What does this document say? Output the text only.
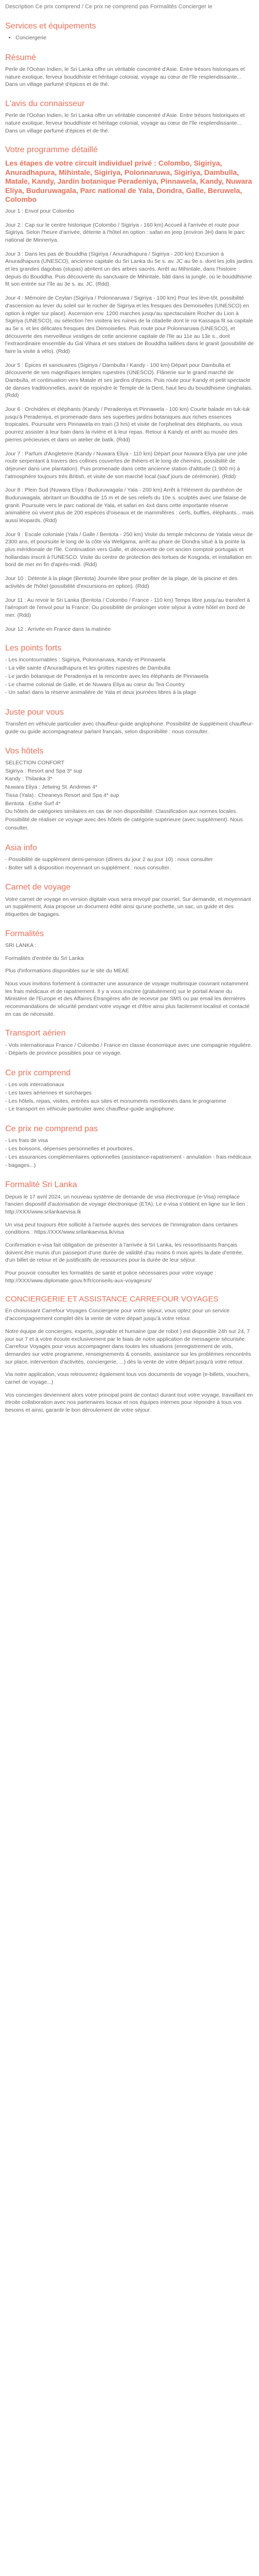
Description Ce prix comprend / Ce prix ne comprend pas Formalités Concierger ie

Services et équipements
• Conciergerie
Résumé

Perle de l'Océan Indien, le Sri Lanka offre un véritable concentré d'Asie. Entre trésors historiques et nature exotique, ferveur bouddhiste et héritage colonial, voyage au cœur de l'île resplendissante... Dans un village parfumé d'épices et de thé.

L'avis du connaisseur

Perle de l'Océan Indien, le Sri Lanka offre un véritable concentré d'Asie. Entre trésors historiques et nature exotique, ferveur bouddhiste et héritage colonial, voyage au cœur de l'île resplendissante... Dans un village parfumé d'épices et de thé.

Votre programme détaillé
Les étapes de votre circuit individuel privé : Colombo, Sigiriya, Anuradhapura, Mihintale, Sigiriya, Polonnaruwa, Sigiriya, Dambulla, Matale, Kandy, Jardin botanique Peradeniya, Pinnawela, Kandy, Nuwara Eliya, Buduruwagala, Parc national de Yala, Dondra, Galle, Beruwela, Colombo

Jour 1 : Envol pour Colombo

Jour 2 : Cap sur le centre historique (Colombo / Sigiriya - 160 km) Accueil à l'arrivée et route pour Sigiriya. Selon l'heure d'arrivée, détente à l'hôtel en option : safari en jeep (environ 3H) dans le parc national de Minneriya.

Jour 3 : Dans les pas de Bouddha (Sigiriya / Anuradhapura / Sigiriya - 200 km) Excursion à Anuradhapura (UNESCO), ancienne capitale du Sri Lanka du 5e s. av. JC au 9e s. dont les jolis jardins et les grandes dagobas (stupas) abritent un des arbres sacrés. Arrêt au Mihintale, dans l'histoire depuis du Bouddha. Puis découverte du sanctuaire de Mihintale, bâti dans la jungle, où le bouddhisme fit son entrée sur l'île au 3e s. av. JC. (Rdd)

Jour 4 : Mémoire de Ceylan (Sigiriya / Polonnaruwa / Sigiriya - 100 km) Pour les lève-tôt, possibilité d'ascension au lever du soleil sur le rocher de Sigiriya et les fresques des Demoiselles (UNESCO) en option à régler sur place). Ascension env. 1200 marches jusqu'au spectaculaire Rocher du Lion à Sigiriya (UNESCO), ou sélection l'en visitera les ruines de la citadelle dont le roi Kassapa fit sa capitale au 5e s. et les délicates fresques des Demoiselles. Puis route pour Polonnaruwa (UNESCO), et découverte des merveilleux vestiges de cette ancienne capitale de l'île au 11e au 13e s., dont l'extraordinaire ensemble du Gal Vihara et ses statues de Bouddha taillées dans le granit (possibilité de faire la visite à vélo). (Rdd)

Jour 5 : Épices et sanctuaires (Sigiriya / Dambulla / Kandy - 100 km) Départ pour Dambulla et découverte de ses magnifiques temples rupestres (UNESCO). Flânerie sur le grand marché de Dambulla, et continuation vers Matale et ses jardins d'épices. Puis route pour Kandy et petit spectacle de danses traditionnelles, avant de rejoindre le Temple de la Dent, haut lieu du bouddhisme cinghalais. (Rdd)

Jour 6 : Orchidées et éléphants (Kandy / Peradeniya et Pinnawela - 100 km) Courte balade en tuk-tuk jusqu'à Peradeniya, et promenade dans ses superbes jardins botaniques aux riches essences tropicales. Poursuite vers Pinnawela en train (3 hrs) et visite de l'orphelinat des éléphants, ou vous pourrez assister à leur bain dans la rivière et à leur repas. Retour à Kandy et arrêt au musée des pierres précieuses et dans un atelier de batik. (Rdd)

Jour 7 : Parfum d'Angleterre (Kandy / Nuwara Eliya - 110 km) Départ pour Nuwara Eliya par une jolie route serpentant à travers des collines couvertes de théiers et le long de chemins, possibilité de déjeuner dans une plantation). Puis promenade dans cette ancienne station d'altitude (1 900 m) à l'atmosphère toujours très British, et visite de son marché local (sauf jours de cérémonie). (Rdd)

Jour 8 : Plein Sud (Nuwara Eliya / Buduruwagala / Yala - 200 km) Arrêt à l'élément du panthéon de Buduruwagala, abritant un Bouddha de 15 m et de ses reliefs du 10e s. sculptés avec une falaise de granit. Poursuite vers le parc national de Yala, et safari en 4x4 dans cette importante réserve animalière où vivent plus de 200 espèces d'oiseaux et de mammifères : cerfs, buffles, éléphants... mais aussi léopards. (Rdd)

Jour 9 : Escale coloniale (Yala / Galle / Bentota - 250 km) Visite du temple méconnu de Yatala vieux de 2300 ans, et poursuite le long de la côte via Weligama, arrêt au phare de Dondra situé à la pointe la plus méridionale de l'île. Continuation vers Galle, et découverte de cet ancien comptoir portugais et hollandais inscrit à l'UNESCO. Visite du centre de protection des tortues de Kosgoda, et installation en bord de mer en fin d'après-midi. (Rdd)

Jour 10 : Détente à la plage (Bentota) Journée libre pour profiter de la plage, de la piscine et des activités de l'hôtel (possibilité d'excursions en option). (Rdd)

Jour 11 : Au revoir le Sri Lanka (Bentota / Colombo / France - 110 km) Temps libre jusqu'au transfert à l'aéroport de l'envol pour la France. Ou possibilité de prolonger votre séjour à votre hôtel en bord de mer. (Rdd)

Jour 12 : Arrivée en France dans la matinée

Les points forts

- Les incontournables : Sigiriya, Polonnaruwa, Kandy et Pinnawela

- La ville sainte d'Anuradhapura et les grottes rupestres de Dambulla

- Le jardin botanique de Peradeniya et la rencontre avec les éléphants de Pinnawela

- Le charme colonial de Galle, et de Nuwara Eliya au cœur du Tea Country

- Un safari dans la réserve animalière de Yala et deux journées libres à la plage

Juste pour vous

Transfert en véhicule particulier avec chauffeur-guide anglophone. Possibilité de supplément chauffeur-guide ou guide accompagnateur parlant français, selon disponibilité : nous consulter.

Vos hôtels

SELECTION CONFORT

Sigiriya : Resort and Spa 3* sup

Kandy : Thilanka 3*

Nuwara Eliya : Jetwing St. Andrews 4*

Tissa (Yala) : Cheaneys Resort and Spa 4* sup

Bentota : Esthe Surf 4*

Ou hôtels de catégories similaires en cas de non disponibilité. Classification aux normes locales.

Possibilité de réaliser ce voyage avec des hôtels de catégorie supérieure (avec supplément). Nous consulter.

Asia info

- Possibilité de supplément demi-pension (dîners du jour 2 au jour 10) : nous consulter

- Bolter wifi à disposition moyennant un supplément : nous consulter.

Carnet de voyage

Votre carnet de voyage en version digitale vous sera envoyé par courriel. Sur demande, et moyennant un supplément, Asia propose un document édité ainsi qu'une pochette, un sac, un guide et des étiquettes de bagages.

Formalités

SRI LANKA :

Formalités d'entrée du Sri Lanka

Plus d'informations disponibles sur le site du MEAE

Nous vous invitons fortement à contracter une assurance de voyage multirisque couvrant notamment les frais médicaux et de rapatriement. Il y a vous inscrire (gratuitement) sur le portail Ariane du Ministère de l'Europe et des Affaires Étrangères afin de recevoir par SMS ou par email les dernières recommandations de sécurité pendant votre voyage et d'être ainsi plus facilement localisé et contacté en cas de nécessité.

Transport aérien

- Vols internationaux France / Colombo / France en classe économique avec une compagnie régulière.

- Départs de province possibles pour ce voyage.

Ce prix comprend

- Les vols internationaux

- Les taxes aériennes et surcharges

- Les hôtels, repas, visites, entrées aux sites et monuments mentionnés dans le programme

- Le transport en véhicule particulier avec chauffeur-guide anglophone.

Ce prix ne comprend pas

- Les frais de visa

- Les boissons, dépenses personnelles et pourboires.

- Les assurances complémentaires optionnelles (assistance-rapatriement - annulation - frais médicaux - bagages...)

Formalité Sri Lanka

Depuis le 17 avril 2024, un nouveau système de demande de visa électronique (e-Visa) remplace l'ancien dispositif d'autorisation de voyage électronique (ETA). Le e-visa s'obtient en ligne sur le lien : http://XXX/www.srilankaevisa.lk

Un visa peut toujours être sollicité à l'arrivée auprès des services de l'immigration dans certaines conditions : https://XXX/www.srilankaevisa.lk/visa

Confirmation e-visa fait obligation de présenter à l'arrivée à Sri Lanka, les ressortissants français doivent être munis d'un passeport d'une durée de validité d'au moins 6 mois après la date d'entrée, d'un billet de retour et de justificatifs de ressources pour la durée de leur séjour.

Pour pouvoir consulter les formalités de santé et police nécessaires pour votre voyage : http://XXX/www.diplomatie.gouv.fr/fr/conseils-aux-voyageurs/

CONCIERGERIE ET ASSISTANCE CARREFOUR VOYAGES

En choisissant Carrefour Voyages Conciergerie pour votre séjour, vous optez pour un service d'accompagnement complet dès la vente de votre départ jusqu'à votre retour.

Notre équipe de concierges, experts, joignable et humaine (par de robot ) est disponible 24h sur 24, 7 jour sur 7 et à votre écoute exclusivement par le biais de notre application de messagerie sécurisée. Carrefour Voyages pour vous accompagner dans toutes les situations (enregistrement de vols, demandes sur votre programme, renseignements & conseils, assistance sur les problèmes rencontrés sur place, intervention d'activités, conciergerie, ...) dès la vente de votre départ jusqu'à votre retour.

Via notre application, vous retrouverez également tous vos documents de voyage (e-billets, vouchers, carnet de voyage...)

Vos concierges deviennent alors votre principal point de contact durant tout votre voyage, travaillant en étroite collaboration avec nos partenaires locaux et nos équipes internes pour répondre à tous vos besoins et ainsi, garantir le bon déroulement de votre séjour.
